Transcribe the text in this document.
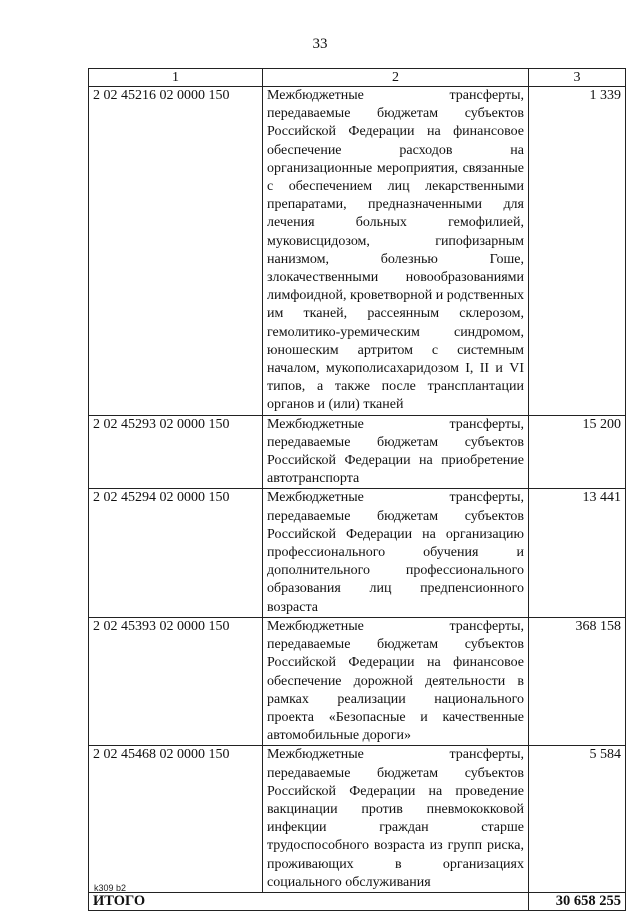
33
1	2	3
2 02 45216 02 0000 150	Межбюджетные трансферты, передаваемые бюджетам субъектов Российской Федерации на финансовое обеспечение расходов на организационные мероприятия, связанные с обеспечением лиц лекарственными препаратами, предназначенными для лечения больных гемофилией, муковисцидозом, гипофизарным нанизмом, болезнью Гоше, злокачественными новообразованиями лимфоидной, кроветворной и родственных им тканей, рассеянным склерозом, гемолитико-уремическим синдромом, юношеским артритом с системным началом, мукополисахаридозом I, II и VI типов, а также после трансплантации органов и (или) тканей	1 339
2 02 45293 02 0000 150	Межбюджетные трансферты, передаваемые бюджетам субъектов Российской Федерации на приобретение автотранспорта	15 200
2 02 45294 02 0000 150	Межбюджетные трансферты, передаваемые бюджетам субъектов Российской Федерации на организацию профессионального обучения и дополнительного профессионального образования лиц предпенсионного возраста	13 441
2 02 45393 02 0000 150	Межбюджетные трансферты, передаваемые бюджетам субъектов Российской Федерации на финансовое обеспечение дорожной деятельности в рамках реализации национального проекта «Безопасные и качественные автомобильные дороги»	368 158
2 02 45468 02 0000 150	Межбюджетные трансферты, передаваемые бюджетам субъектов Российской Федерации на проведение вакцинации против пневмококковой инфекции граждан старше трудоспособного возраста из групп риска, проживающих в организациях социального обслуживания	5 584
ИТОГО		30 658 255
k309 b2
